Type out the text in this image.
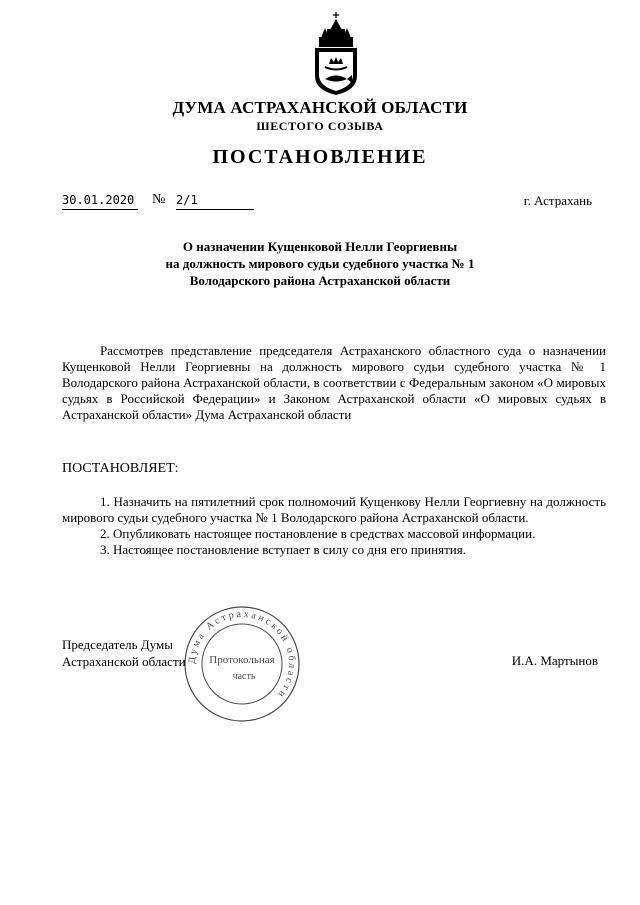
ДУМА АСТРАХАНСКОЙ ОБЛАСТИ
ШЕСТОГО СОЗЫВА
ПОСТАНОВЛЕНИЕ
30.01.2020 № 2/1	г. Астрахань
О назначении Кущенковой Нелли Георгиевны
на должность мирового судьи судебного участка № 1
Володарского района Астраханской области
Рассмотрев представление председателя Астраханского областного суда о назначении Кущенковой Нелли Георгиевны на должность мирового судьи судебного участка № 1 Володарского района Астраханской области, в соответствии с Федеральным законом «О мировых судьях в Российской Федерации» и Законом Астраханской области «О мировых судьях в Астраханской области» Дума Астраханской области
ПОСТАНОВЛЯЕТ:

1. Назначить на пятилетний срок полномочий Кущенкову Нелли Георгиевну на должность мирового судьи судебного участка № 1 Володарского района Астраханской области.

2. Опубликовать настоящее постановление в средствах массовой информации.

3. Настоящее постановление вступает в силу со дня его принятия.

Председатель Думы
Астраханской области	И.А. Мартынов
Дума Астраханской области
Протокольная
часть
